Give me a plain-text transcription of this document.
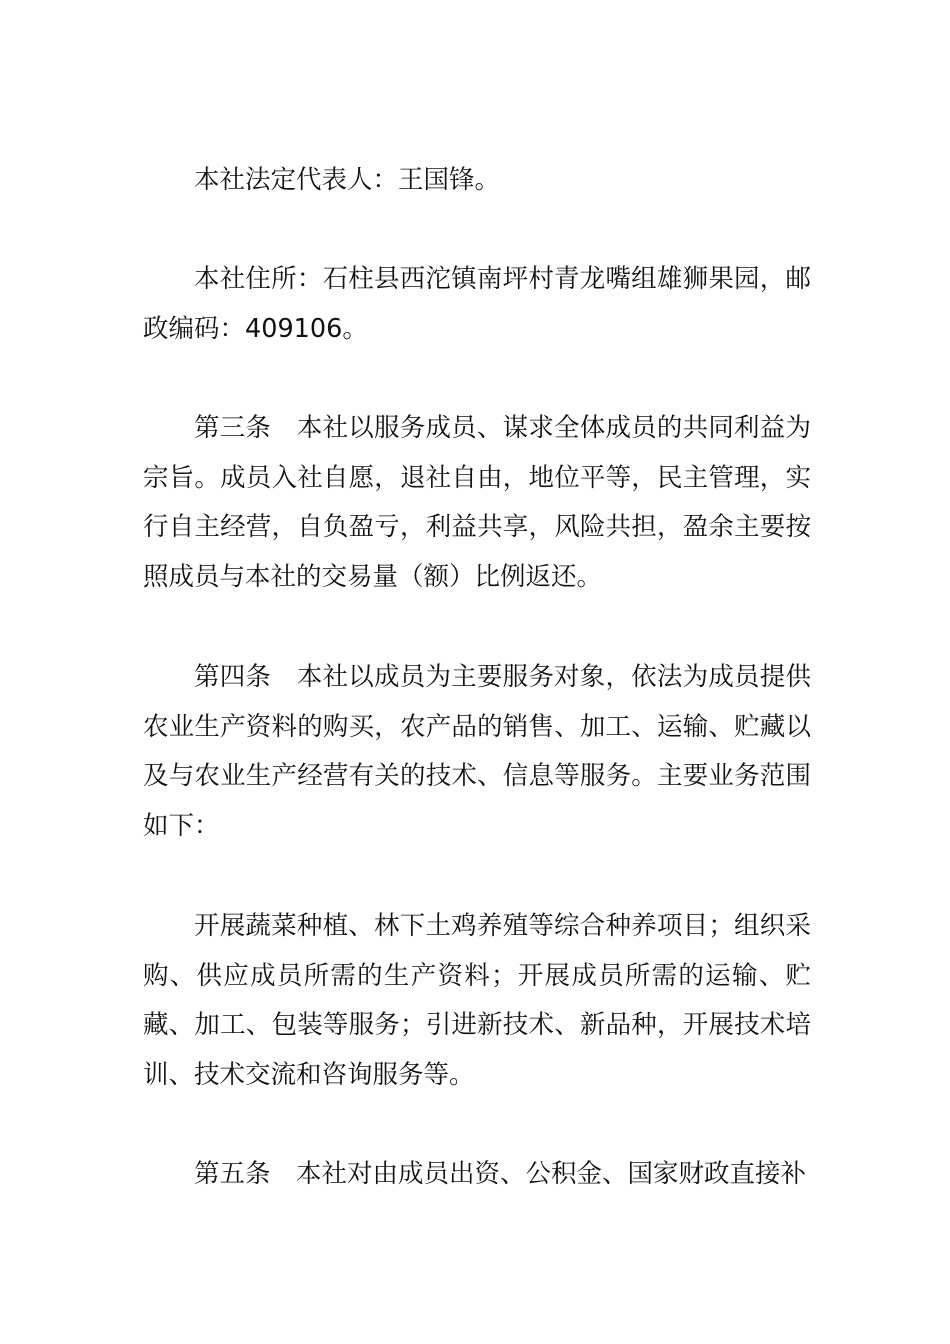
本社法定代表人：王国锋。

本社住所：石柱县西沱镇南坪村青龙嘴组雄狮果园，邮政编码：409106。

第三条　本社以服务成员、谋求全体成员的共同利益为宗旨。成员入社自愿，退社自由，地位平等，民主管理，实行自主经营，自负盈亏，利益共享，风险共担，盈余主要按照成员与本社的交易量（额）比例返还。

第四条　本社以成员为主要服务对象，依法为成员提供农业生产资料的购买，农产品的销售、加工、运输、贮藏以及与农业生产经营有关的技术、信息等服务。主要业务范围如下：

开展蔬菜种植、林下土鸡养殖等综合种养项目；组织采购、供应成员所需的生产资料；开展成员所需的运输、贮藏、加工、包装等服务；引进新技术、新品种，开展技术培训、技术交流和咨询服务等。

第五条　本社对由成员出资、公积金、国家财政直接补
